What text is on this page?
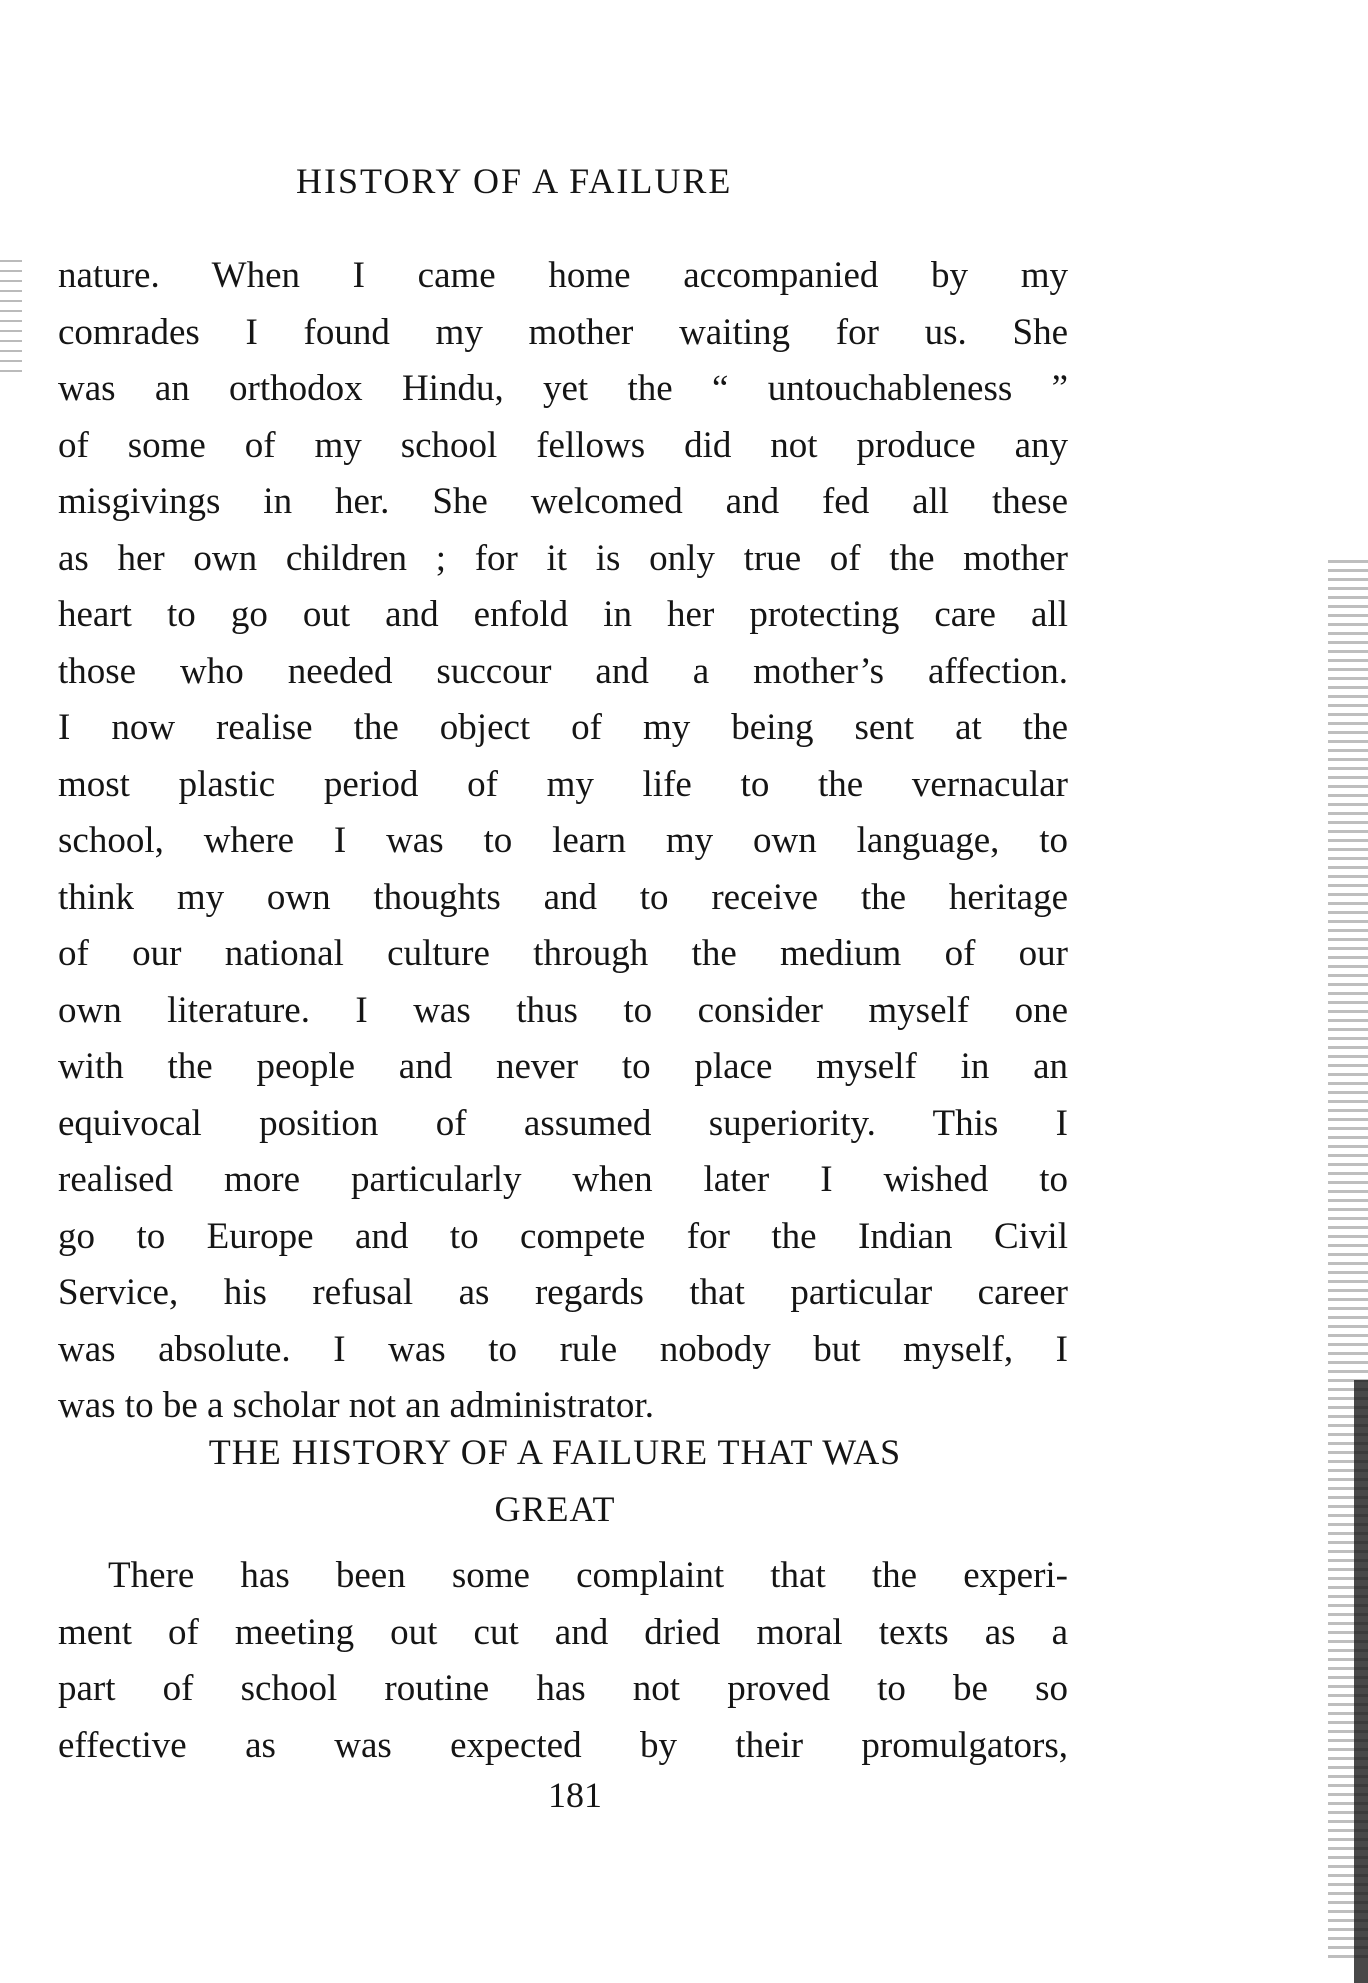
HISTORY OF A FAILURE
nature. When I came home accompanied by my
comrades I found my mother waiting for us. She
was an orthodox Hindu, yet the “ untouchableness ”
of some of my school fellows did not produce any
misgivings in her. She welcomed and fed all these
as her own children ; for it is only true of the mother
heart to go out and enfold in her protecting care all
those who needed succour and a mother’s affection.
I now realise the object of my being sent at the
most plastic period of my life to the vernacular
school, where I was to learn my own language, to
think my own thoughts and to receive the heritage
of our national culture through the medium of our
own literature. I was thus to consider myself one
with the people and never to place myself in an
equivocal position of assumed superiority. This I
realised more particularly when later I wished to
go to Europe and to compete for the Indian Civil
Service, his refusal as regards that particular career
was absolute. I was to rule nobody but myself, I
was to be a scholar not an administrator.
THE HISTORY OF A FAILURE THAT WAS
GREAT
There has been some complaint that the experi-
ment of meeting out cut and dried moral texts as a
part of school routine has not proved to be so
effective as was expected by their promulgators,
181
